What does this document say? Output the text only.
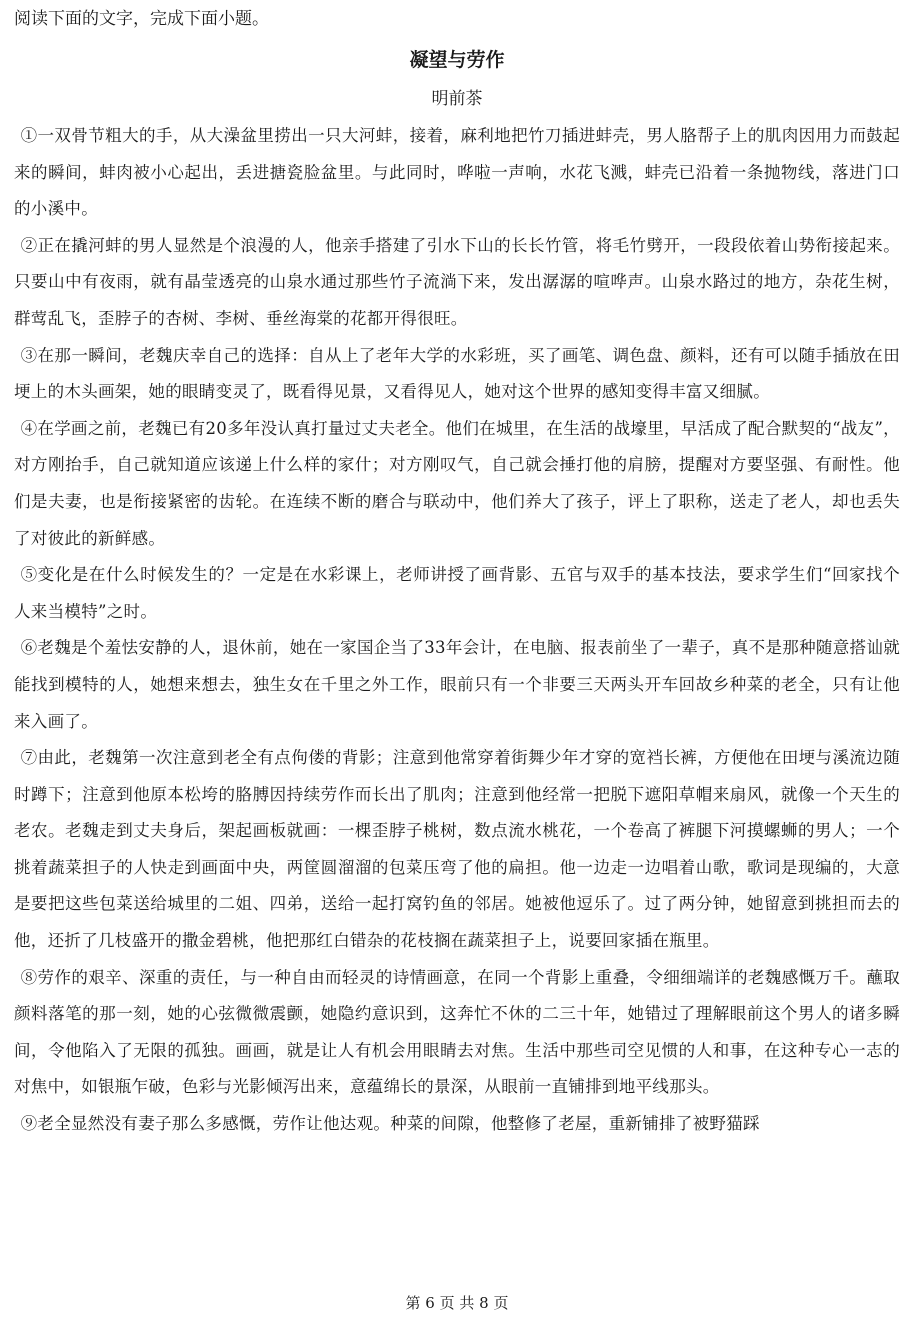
阅读下面的文字，完成下面小题。
凝望与劳作
明前茶

①一双骨节粗大的手，从大澡盆里捞出一只大河蚌，接着，麻利地把竹刀插进蚌壳，男人胳帮子上的肌肉因用力而鼓起来的瞬间，蚌肉被小心起出，丢进搪瓷脸盆里。与此同时，哗啦一声响，水花飞溅，蚌壳已沿着一条抛物线，落进门口的小溪中。

②正在撬河蚌的男人显然是个浪漫的人，他亲手搭建了引水下山的长长竹管，将毛竹劈开，一段段依着山势衔接起来。只要山中有夜雨，就有晶莹透亮的山泉水通过那些竹子流淌下来，发出潺潺的喧哗声。山泉水路过的地方，杂花生树，群莺乱飞，歪脖子的杏树、李树、垂丝海棠的花都开得很旺。

③在那一瞬间，老魏庆幸自己的选择：自从上了老年大学的水彩班，买了画笔、调色盘、颜料，还有可以随手插放在田埂上的木头画架，她的眼睛变灵了，既看得见景，又看得见人，她对这个世界的感知变得丰富又细腻。

④在学画之前，老魏已有20多年没认真打量过丈夫老全。他们在城里，在生活的战壕里，早活成了配合默契的“战友”，对方刚抬手，自己就知道应该递上什么样的家什；对方刚叹气，自己就会捶打他的肩膀，提醒对方要坚强、有耐性。他们是夫妻，也是衔接紧密的齿轮。在连续不断的磨合与联动中，他们养大了孩子，评上了职称，送走了老人，却也丢失了对彼此的新鲜感。

⑤变化是在什么时候发生的？一定是在水彩课上，老师讲授了画背影、五官与双手的基本技法，要求学生们“回家找个人来当模特”之时。

⑥老魏是个羞怯安静的人，退休前，她在一家国企当了33年会计，在电脑、报表前坐了一辈子，真不是那种随意搭讪就能找到模特的人，她想来想去，独生女在千里之外工作，眼前只有一个非要三天两头开车回故乡种菜的老全，只有让他来入画了。

⑦由此，老魏第一次注意到老全有点佝偻的背影；注意到他常穿着街舞少年才穿的宽裆长裤，方便他在田埂与溪流边随时蹲下；注意到他原本松垮的胳膊因持续劳作而长出了肌肉；注意到他经常一把脱下遮阳草帽来扇风，就像一个天生的老农。老魏走到丈夫身后，架起画板就画：一棵歪脖子桃树，数点流水桃花，一个卷高了裤腿下河摸螺蛳的男人；一个挑着蔬菜担子的人快走到画面中央，两筐圆溜溜的包菜压弯了他的扁担。他一边走一边唱着山歌，歌词是现编的，大意是要把这些包菜送给城里的二姐、四弟，送给一起打窝钓鱼的邻居。她被他逗乐了。过了两分钟，她留意到挑担而去的他，还折了几枝盛开的撒金碧桃，他把那红白错杂的花枝搁在蔬菜担子上，说要回家插在瓶里。

⑧劳作的艰辛、深重的责任，与一种自由而轻灵的诗情画意，在同一个背影上重叠，令细细端详的老魏感慨万千。蘸取颜料落笔的那一刻，她的心弦微微震颤，她隐约意识到，这奔忙不休的二三十年，她错过了理解眼前这个男人的诸多瞬间，令他陷入了无限的孤独。画画，就是让人有机会用眼睛去对焦。生活中那些司空见惯的人和事，在这种专心一志的对焦中，如银瓶乍破，色彩与光影倾泻出来，意蕴绵长的景深，从眼前一直铺排到地平线那头。

⑨老全显然没有妻子那么多感慨，劳作让他达观。种菜的间隙，他整修了老屋，重新铺排了被野猫踩

第 6 页 共 8 页
